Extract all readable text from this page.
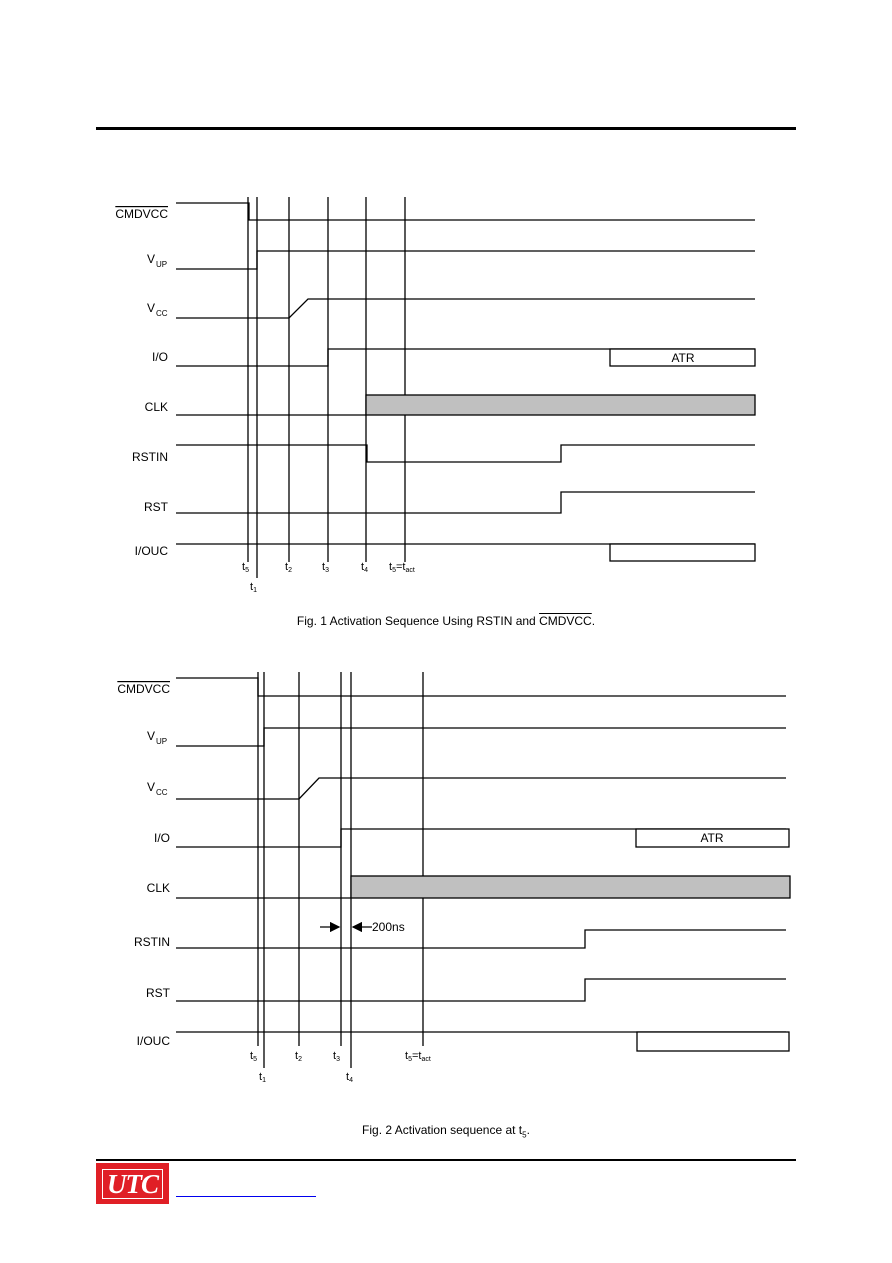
CMDVCC
V UP
V CC
I/O
CLK
RSTIN
RST
I/OUC
ATR
t5	t2	t3	t4 t5=tact
t1
Fig. 1 Activation Sequence Using RSTIN and CMDVCC.
CMDVCC
V UP
V CC
I/O
CLK
RSTIN
RST
I/OUC
ATR
200ns
t5	t2	t3	t5=tact
t1	t4
Fig. 2 Activation sequence at $t_5$.
UTC
